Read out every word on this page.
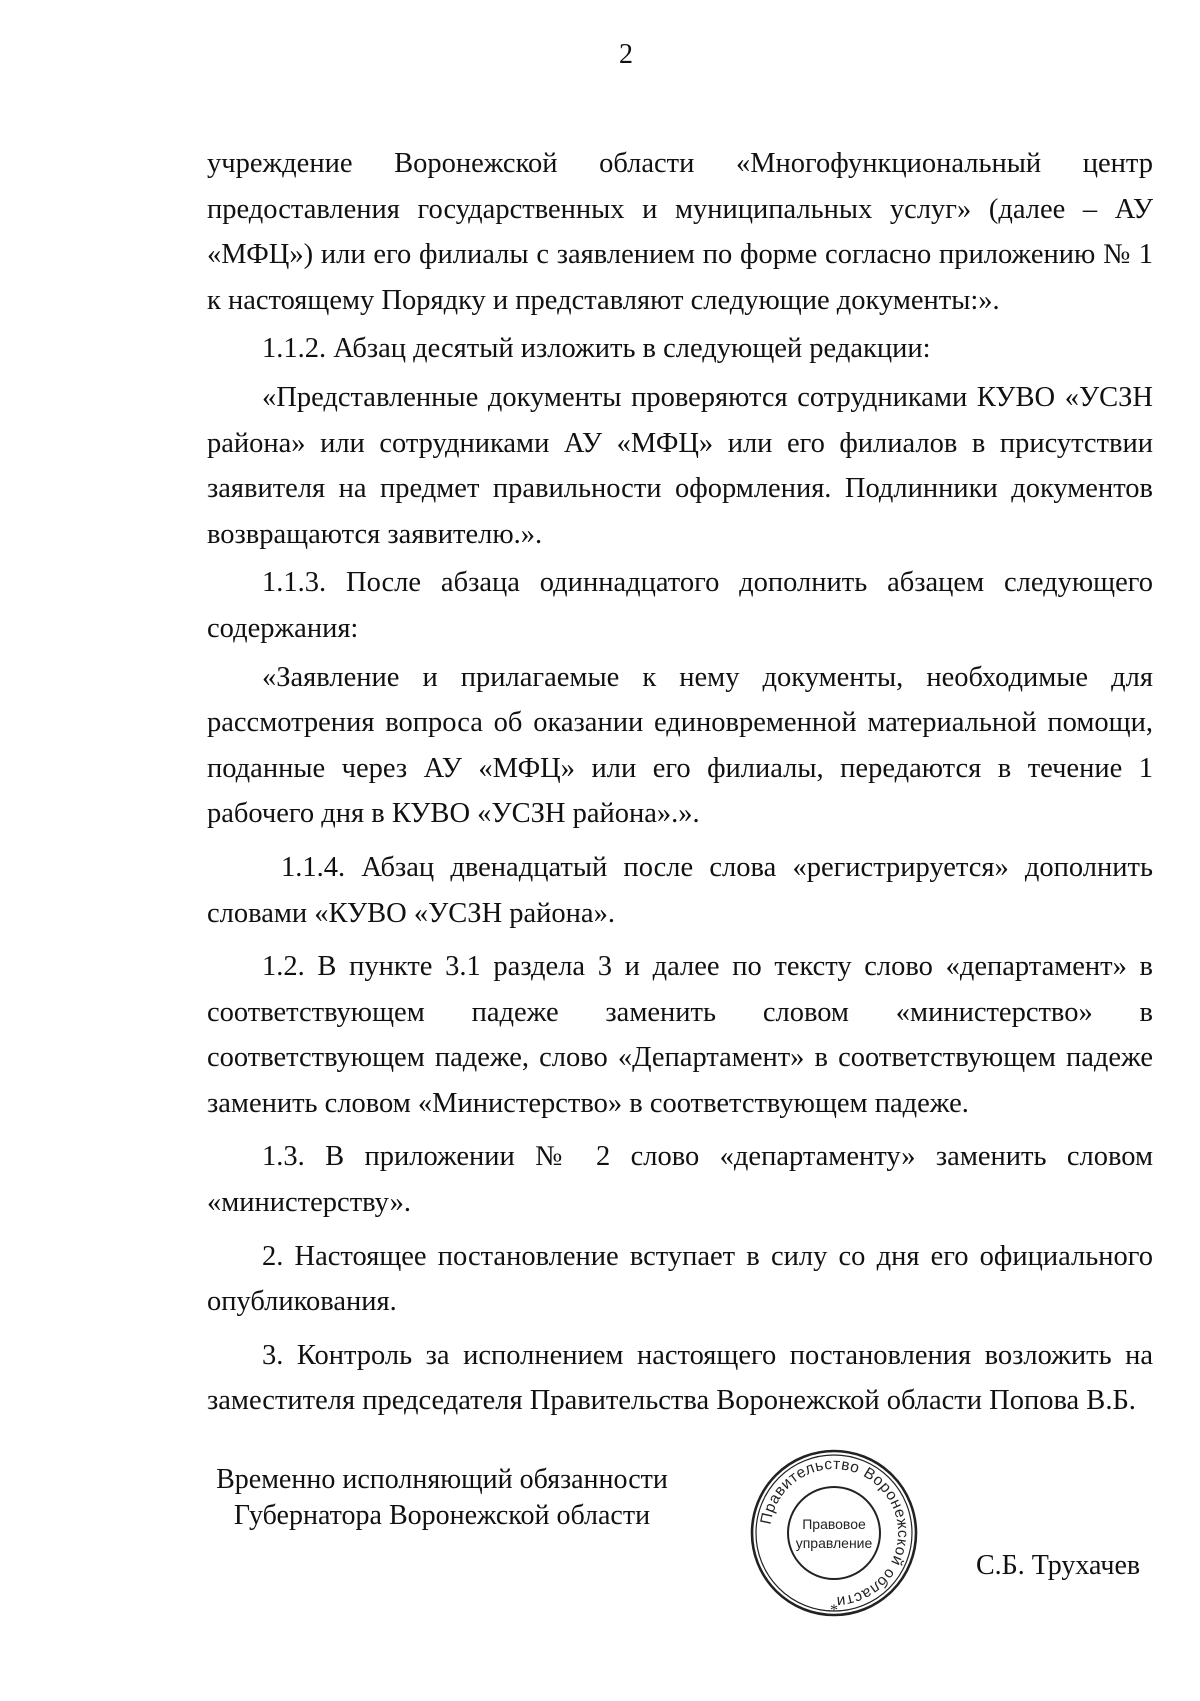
2

учреждение Воронежской области «Многофункциональный центр предоставления государственных и муниципальных услуг» (далее – АУ «МФЦ») или его филиалы с заявлением по форме согласно приложению № 1 к настоящему Порядку и представляют следующие документы:».

1.1.2. Абзац десятый изложить в следующей редакции:

«Представленные документы проверяются сотрудниками КУВО «УСЗН района» или сотрудниками АУ «МФЦ» или его филиалов в присутствии заявителя на предмет правильности оформления. Подлинники документов возвращаются заявителю.».

1.1.3. После абзаца одиннадцатого дополнить абзацем следующего содержания:

«Заявление и прилагаемые к нему документы, необходимые для рассмотрения вопроса об оказании единовременной материальной помощи, поданные через АУ «МФЦ» или его филиалы, передаются в течение 1 рабочего дня в КУВО «УСЗН района».».

1.1.4. Абзац двенадцатый после слова «регистрируется» дополнить словами «КУВО «УСЗН района».

1.2. В пункте 3.1 раздела 3 и далее по тексту слово «департамент» в соответствующем падеже заменить словом «министерство» в соответствующем падеже, слово «Департамент» в соответствующем падеже заменить словом «Министерство» в соответствующем падеже.

1.3. В приложении № 2 слово «департаменту» заменить словом «министерству».

2. Настоящее постановление вступает в силу со дня его официального опубликования.

3. Контроль за исполнением настоящего постановления возложить на заместителя председателя Правительства Воронежской области Попова В.Б.

Временно исполняющий обязанности
Губернатора Воронежской области	Правительство Воронежской области
Правовое
управление
*
С.Б. Трухачев
